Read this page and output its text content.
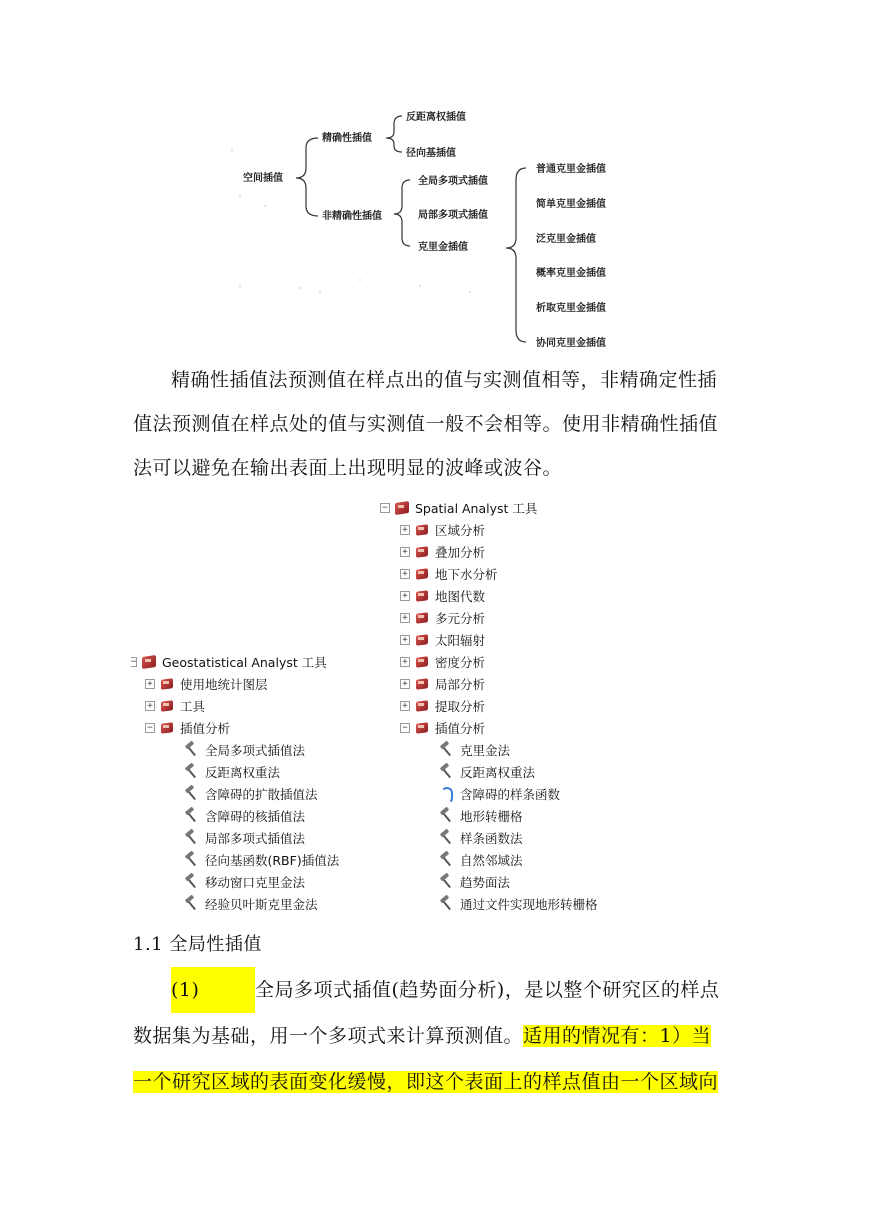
空间插值
精确性插值
非精确性插值
反距离权插值
径向基插值
全局多项式插值
局部多项式插值
克里金插值
普通克里金插值
简单克里金插值
泛克里金插值
概率克里金插值
析取克里金插值
协同克里金插值
精确性插值法预测值在样点出的值与实测值相等，非精确定性插
值法预测值在样点处的值与实测值一般不会相等。使用非精确性插值
法可以避免在输出表面上出现明显的波峰或波谷。
− Geostatistical Analyst 工具
+ 使用地统计图层
+ 工具
− 插值分析
全局多项式插值法
反距离权重法
含障碍的扩散插值法
含障碍的核插值法
局部多项式插值法
径向基函数(RBF)插值法
移动窗口克里金法
经验贝叶斯克里金法
− Spatial Analyst 工具
+ 区域分析
+ 叠加分析
+ 地下水分析
+ 地图代数
+ 多元分析
+ 太阳辐射
+ 密度分析
+ 局部分析
+ 提取分析
− 插值分析
克里金法
反距离权重法
含障碍的样条函数
地形转栅格
样条函数法
自然邻域法
趋势面法
通过文件实现地形转栅格
1.1 全局性插值
(1)	全局多项式插值(趋势面分析)，是以整个研究区的样点
数据集为基础，用一个多项式来计算预测值。适用的情况有：1）当
一个研究区域的表面变化缓慢，即这个表面上的样点值由一个区域向
